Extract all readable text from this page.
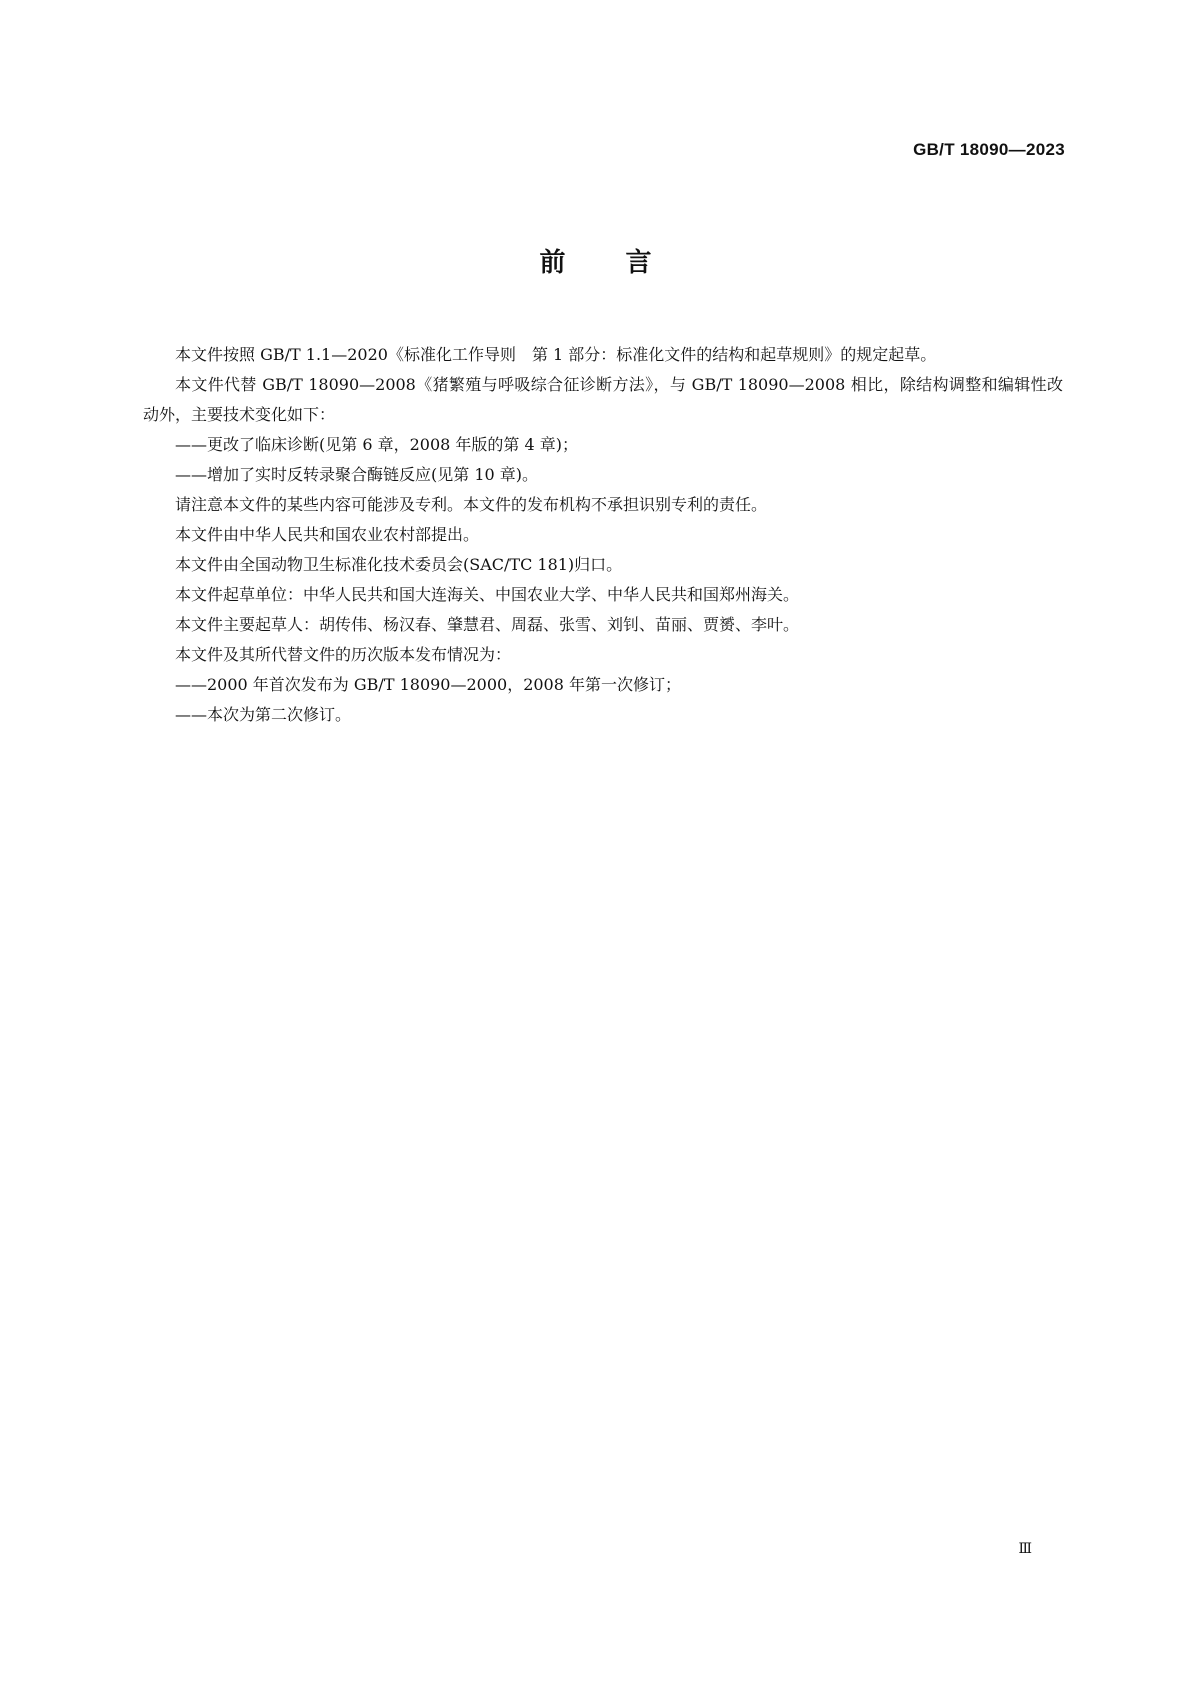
GB/T 18090—2023
前言

本文件按照 GB/T 1.1—2020《标准化工作导则　第 1 部分：标准化文件的结构和起草规则》的规定起草。

本文件代替 GB/T 18090—2008《猪繁殖与呼吸综合征诊断方法》，与 GB/T 18090—2008 相比，除结构调整和编辑性改动外，主要技术变化如下：

——更改了临床诊断(见第 6 章，2008 年版的第 4 章)；

——增加了实时反转录聚合酶链反应(见第 10 章)。

请注意本文件的某些内容可能涉及专利。本文件的发布机构不承担识别专利的责任。

本文件由中华人民共和国农业农村部提出。

本文件由全国动物卫生标准化技术委员会(SAC/TC 181)归口。

本文件起草单位：中华人民共和国大连海关、中国农业大学、中华人民共和国郑州海关。

本文件主要起草人：胡传伟、杨汉春、肇慧君、周磊、张雪、刘钊、苗丽、贾赟、李叶。

本文件及其所代替文件的历次版本发布情况为：

——2000 年首次发布为 GB/T 18090—2000，2008 年第一次修订；

——本次为第二次修订。

Ⅲ
